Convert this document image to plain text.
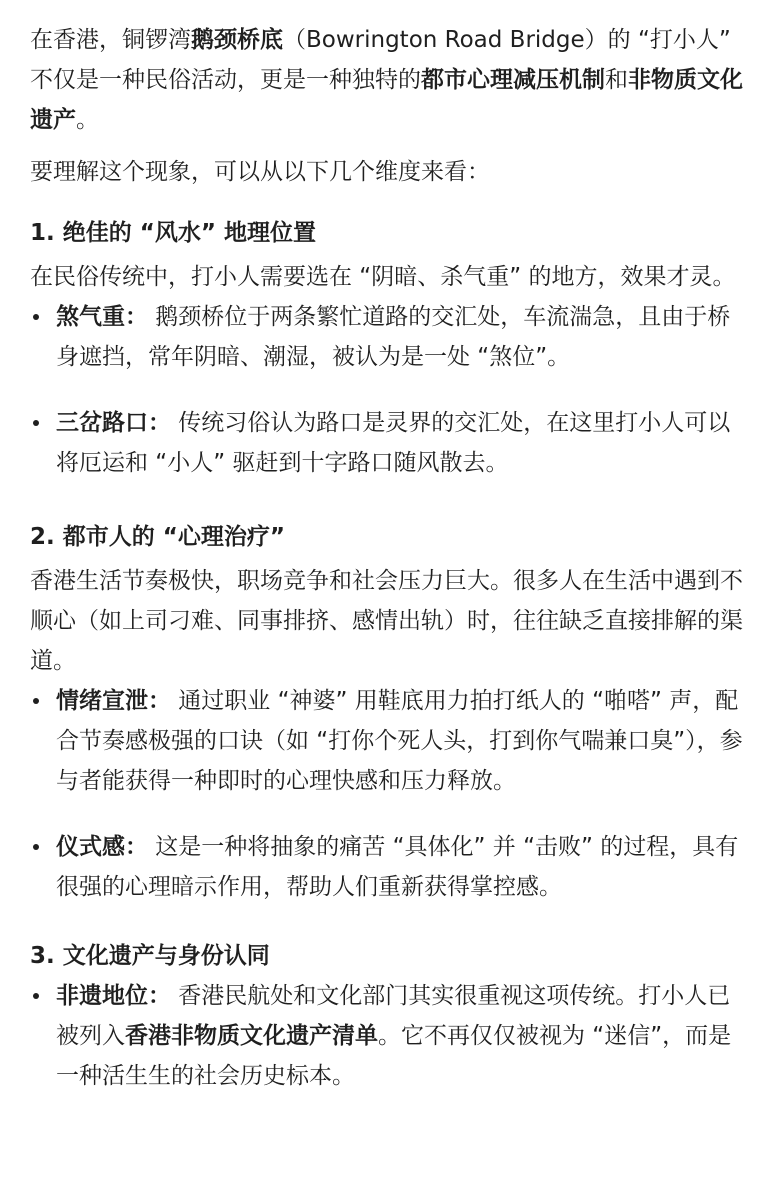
在香港，铜锣湾鹅颈桥底（Bowrington Road Bridge）的 “打小人” 不仅是一种民俗活动，更是一种独特的都市心理减压机制和非物质文化遗产。

要理解这个现象，可以从以下几个维度来看：

1. 绝佳的 “风水” 地理位置

在民俗传统中，打小人需要选在 “阴暗、杀气重” 的地方，效果才灵。

煞气重： 鹅颈桥位于两条繁忙道路的交汇处，车流湍急，且由于桥身遮挡，常年阴暗、潮湿，被认为是一处 “煞位”。
三岔路口： 传统习俗认为路口是灵界的交汇处，在这里打小人可以将厄运和 “小人” 驱赶到十字路口随风散去。
2. 都市人的 “心理治疗”

香港生活节奏极快，职场竞争和社会压力巨大。很多人在生活中遇到不顺心（如上司刁难、同事排挤、感情出轨）时，往往缺乏直接排解的渠道。

情绪宣泄： 通过职业 “神婆” 用鞋底用力拍打纸人的 “啪嗒” 声，配合节奏感极强的口诀（如 “打你个死人头，打到你气喘兼口臭”），参与者能获得一种即时的心理快感和压力释放。
仪式感： 这是一种将抽象的痛苦 “具体化” 并 “击败” 的过程，具有很强的心理暗示作用，帮助人们重新获得掌控感。
3. 文化遗产与身份认同
非遗地位： 香港民航处和文化部门其实很重视这项传统。打小人已被列入香港非物质文化遗产清单。它不再仅仅被视为 “迷信”，而是一种活生生的社会历史标本。
